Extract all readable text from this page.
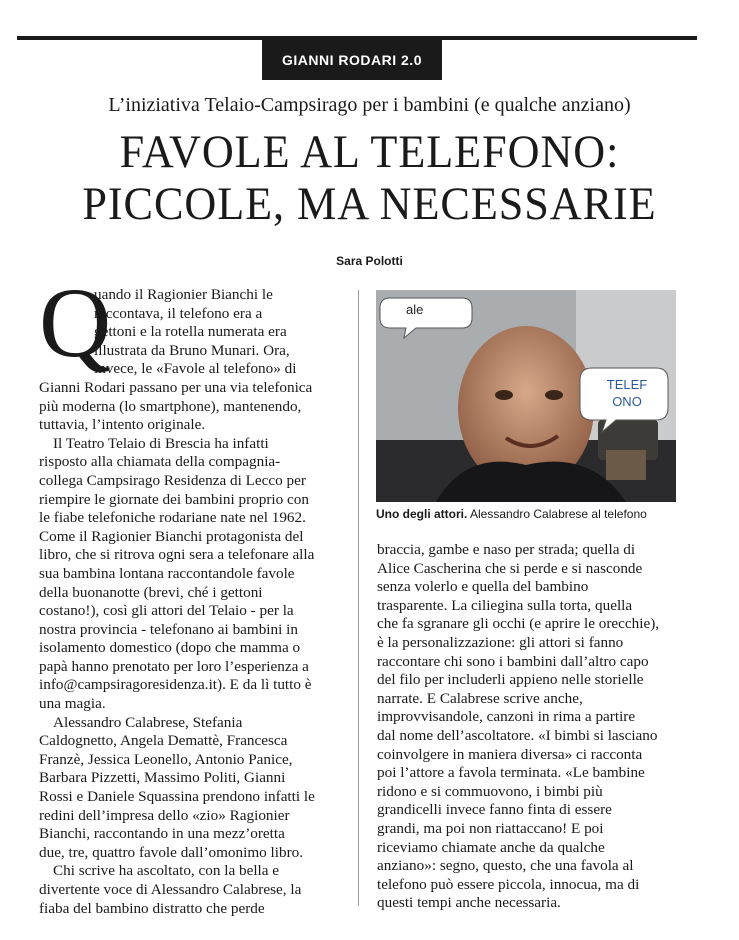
GIANNI RODARI 2.0
L’iniziativa Telaio-Campsirago per i bambini (e qualche anziano)
FAVOLE AL TELEFONO:
PICCOLE, MA NECESSARIE
Sara Polotti
Q
uando il Ragionier Bianchi le
raccontava, il telefono era a
gettoni e la rotella numerata era
illustrata da Bruno Munari. Ora,
invece, le «Favole al telefono» di
Gianni Rodari passano per una via telefonica
più moderna (lo smartphone), mantenendo,
tuttavia, l’intento originale.
Il Teatro Telaio di Brescia ha infatti
risposto alla chiamata della compagnia-
collega Campsirago Residenza di Lecco per
riempire le giornate dei bambini proprio con
le fiabe telefoniche rodariane nate nel 1962.
Come il Ragionier Bianchi protagonista del
libro, che si ritrova ogni sera a telefonare alla
sua bambina lontana raccontandole favole
della buonanotte (brevi, ché i gettoni
costano!), così gli attori del Telaio - per la
nostra provincia - telefonano ai bambini in
isolamento domestico (dopo che mamma o
papà hanno prenotato per loro l’esperienza a
info@campsiragoresidenza.it). E da lì tutto è
una magia.
Alessandro Calabrese, Stefania
Caldognetto, Angela Demattè, Francesca
Franzè, Jessica Leonello, Antonio Panice,
Barbara Pizzetti, Massimo Politi, Gianni
Rossi e Daniele Squassina prendono infatti le
redini dell’impresa dello «zio» Ragionier
Bianchi, raccontando in una mezz’oretta
due, tre, quattro favole dall’omonimo libro.
Chi scrive ha ascoltato, con la bella e
divertente voce di Alessandro Calabrese, la
fiaba del bambino distratto che perde
ale
TELEF
ONO
Uno degli attori. Alessandro Calabrese al telefono
braccia, gambe e naso per strada; quella di
Alice Cascherina che si perde e si nasconde
senza volerlo e quella del bambino
trasparente. La ciliegina sulla torta, quella
che fa sgranare gli occhi (e aprire le orecchie),
è la personalizzazione: gli attori si fanno
raccontare chi sono i bambini dall’altro capo
del filo per includerli appieno nelle storielle
narrate. E Calabrese scrive anche,
improvvisandole, canzoni in rima a partire
dal nome dell’ascoltatore. «I bimbi si lasciano
coinvolgere in maniera diversa» ci racconta
poi l’attore a favola terminata. «Le bambine
ridono e si commuovono, i bimbi più
grandicelli invece fanno finta di essere
grandi, ma poi non riattaccano! E poi
riceviamo chiamate anche da qualche
anziano»: segno, questo, che una favola al
telefono può essere piccola, innocua, ma di
questi tempi anche necessaria.
